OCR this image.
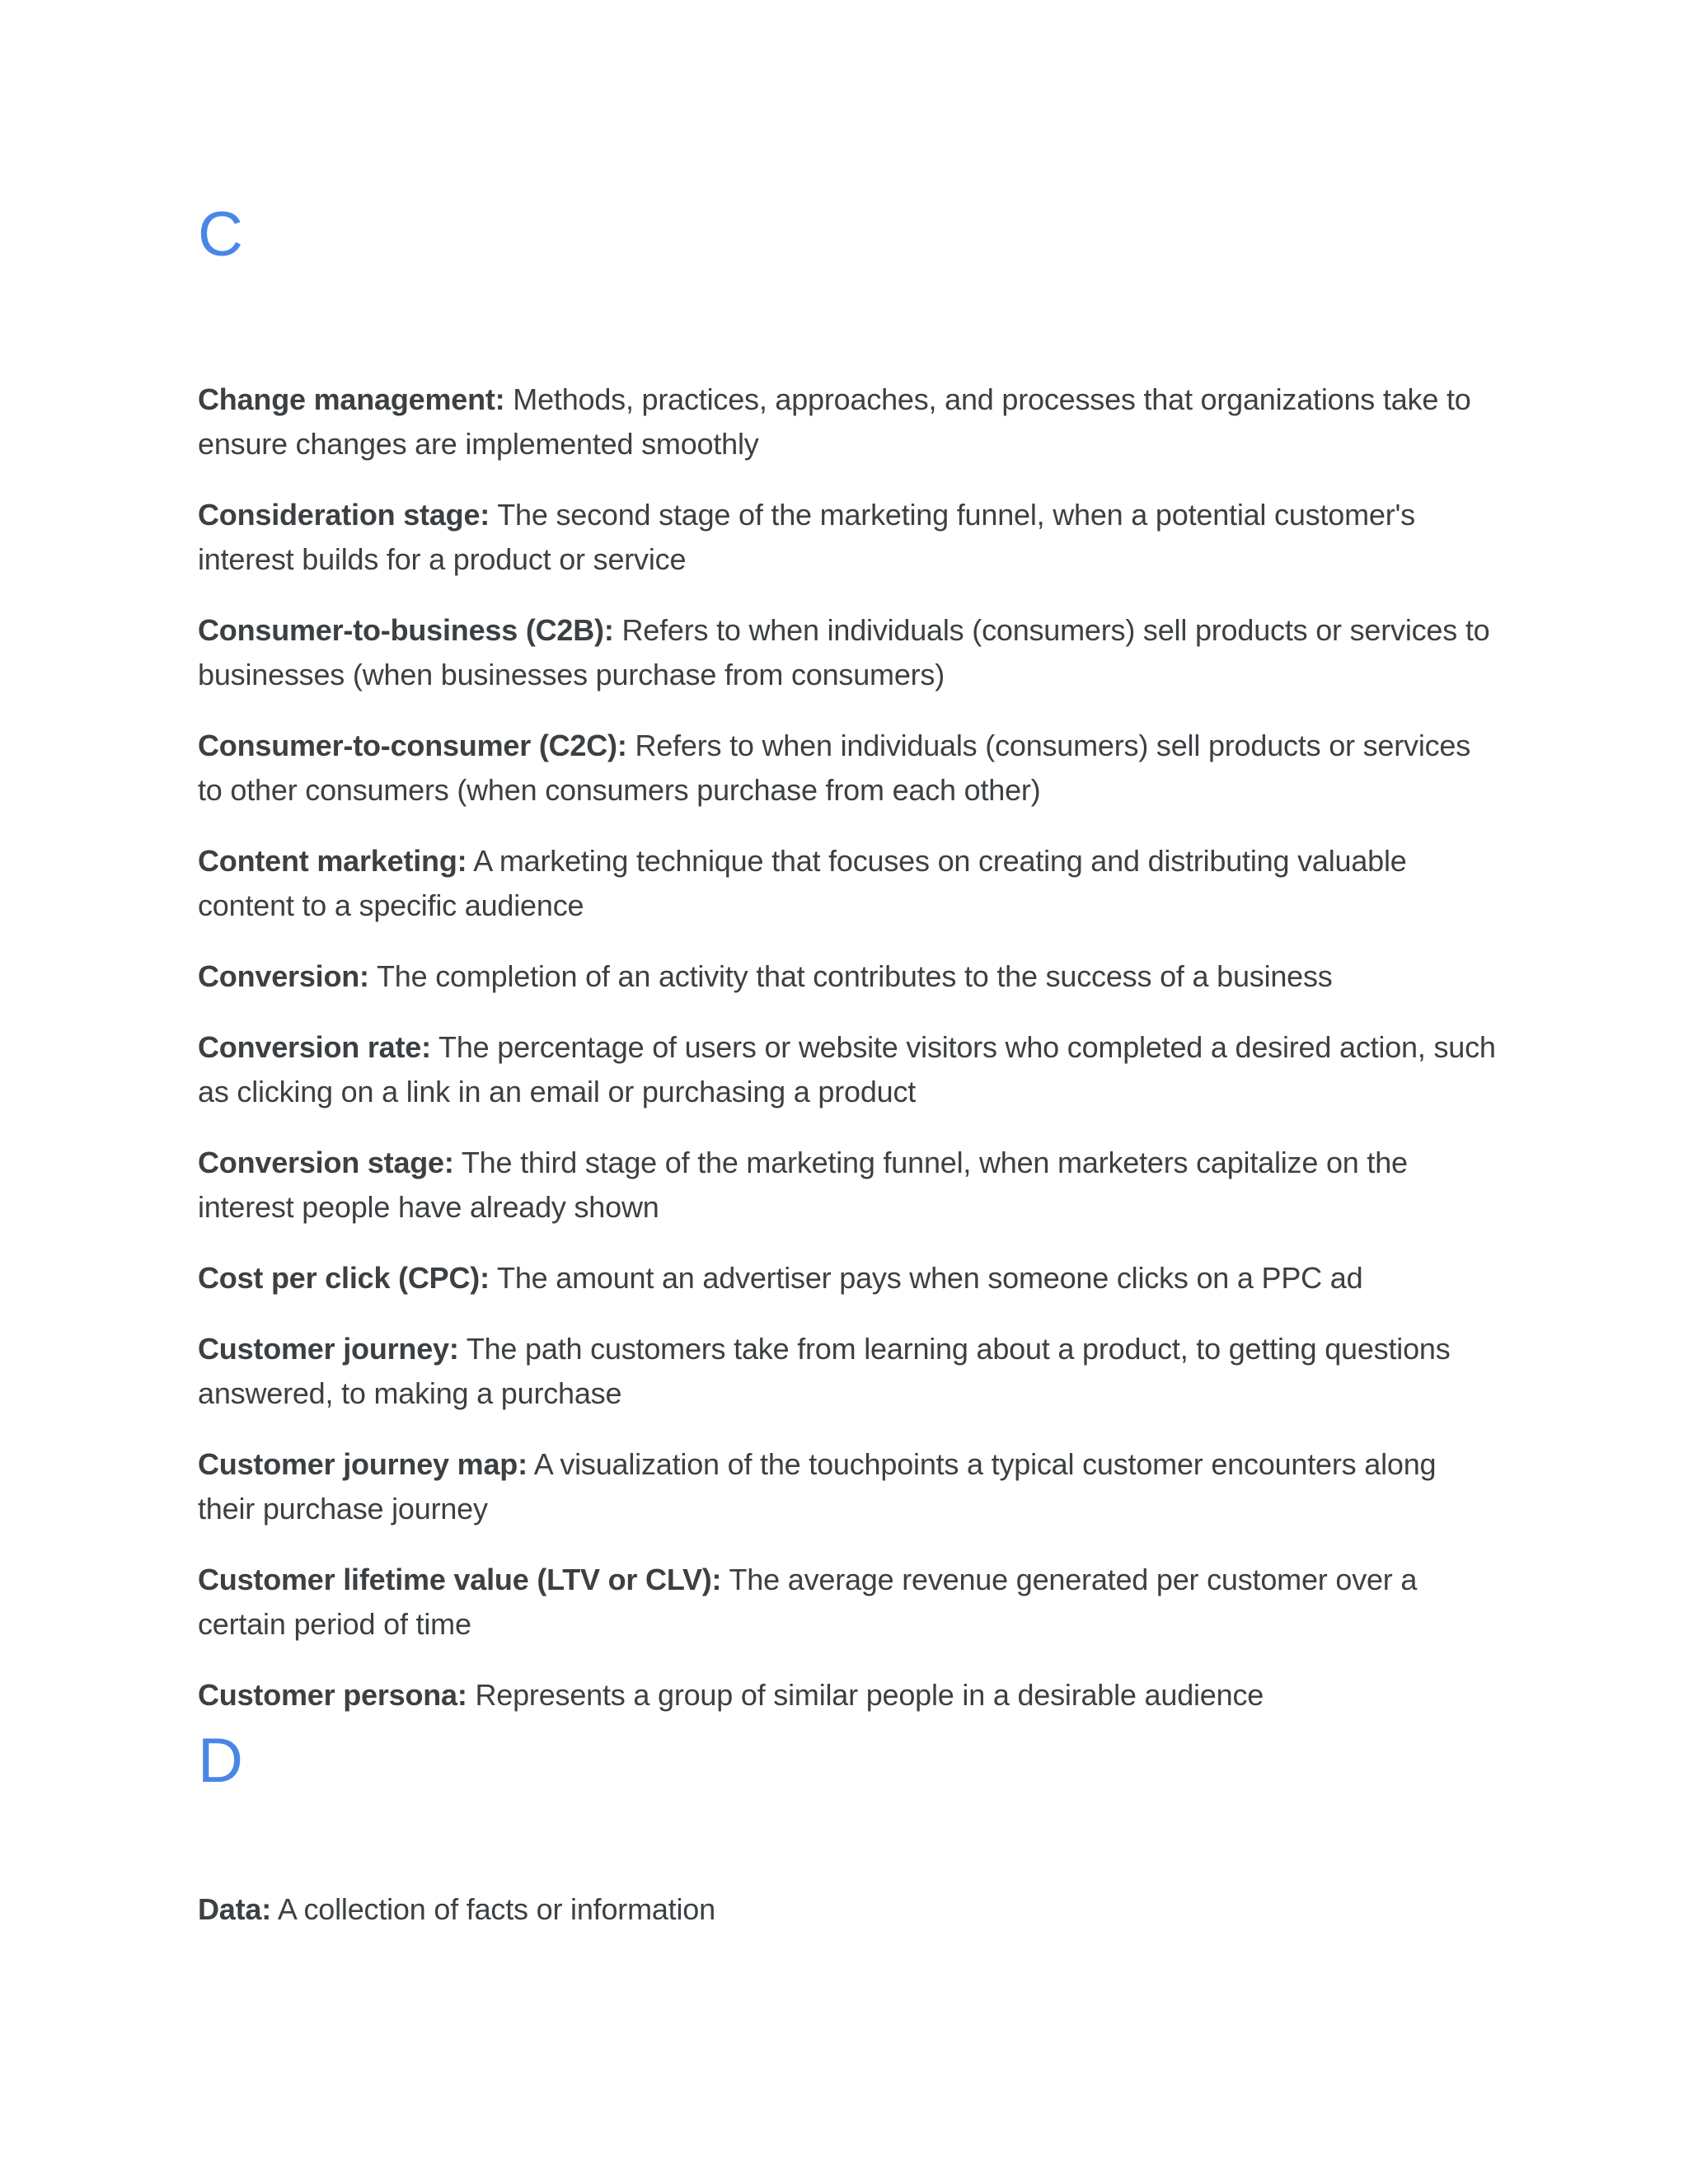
C
Change management: Methods, practices, approaches, and processes that organizations take to ensure changes are implemented smoothly
Consideration stage: The second stage of the marketing funnel, when a potential customer's interest builds for a product or service
Consumer-to-business (C2B): Refers to when individuals (consumers) sell products or services to businesses (when businesses purchase from consumers)
Consumer-to-consumer (C2C): Refers to when individuals (consumers) sell products or services to other consumers (when consumers purchase from each other)
Content marketing: A marketing technique that focuses on creating and distributing valuable content to a specific audience
Conversion: The completion of an activity that contributes to the success of a business
Conversion rate: The percentage of users or website visitors who completed a desired action, such as clicking on a link in an email or purchasing a product
Conversion stage: The third stage of the marketing funnel, when marketers capitalize on the interest people have already shown
Cost per click (CPC): The amount an advertiser pays when someone clicks on a PPC ad
Customer journey: The path customers take from learning about a product, to getting questions answered, to making a purchase
Customer journey map: A visualization of the touchpoints a typical customer encounters along their purchase journey
Customer lifetime value (LTV or CLV): The average revenue generated per customer over a certain period of time
Customer persona: Represents a group of similar people in a desirable audience
D
Data: A collection of facts or information
